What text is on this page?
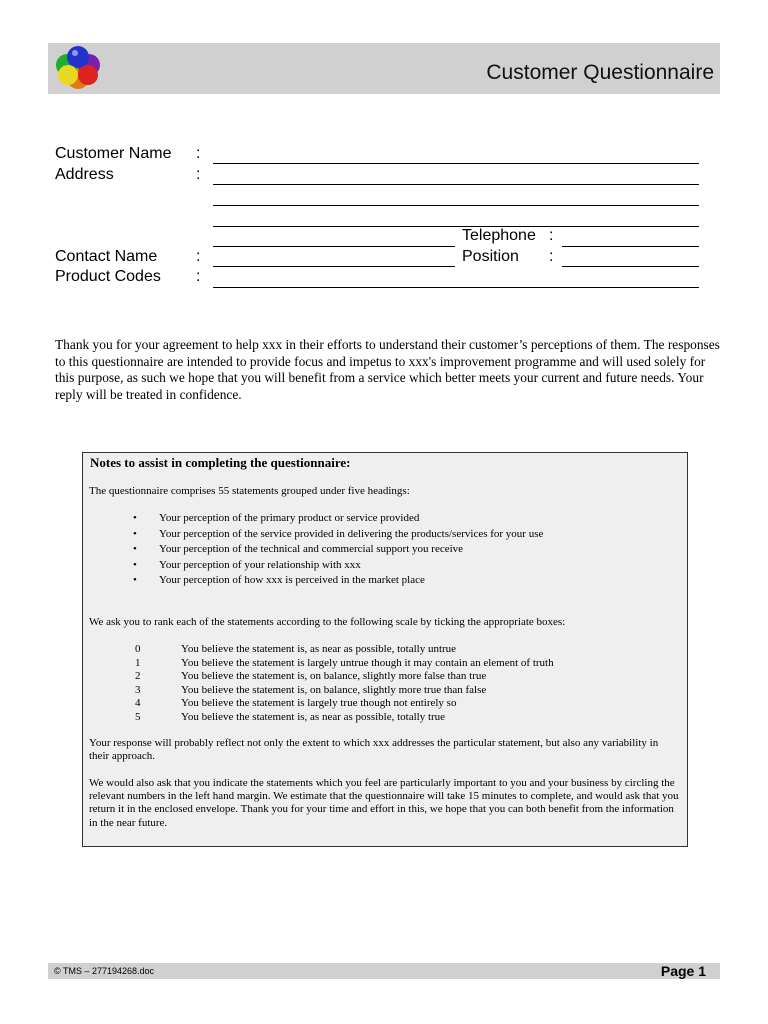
Customer Questionnaire
Customer Name :
Address	:
Telephone :
Contact Name :	Position :
Product Codes :

Thank you for your agreement to help xxx in their efforts to understand their customer’s perceptions of them. The responses to this questionnaire are intended to provide focus and impetus to xxx's improvement programme and will used solely for this purpose, as such we hope that you will benefit from a service which better meets your current and future needs. Your reply will be treated in confidence.

Notes to assist in completing the questionnaire:
The questionnaire comprises 55 statements grouped under five headings:
• Your perception of the primary product or service provided
• Your perception of the service provided in delivering the products/services for your use
• Your perception of the technical and commercial support you receive
• Your perception of your relationship with xxx
• Your perception of how xxx is perceived in the market place
We ask you to rank each of the statements according to the following scale by ticking the appropriate boxes:
0	You believe the statement is, as near as possible, totally untrue
1	You believe the statement is largely untrue though it may contain an element of truth
2	You believe the statement is, on balance, slightly more false than true
3	You believe the statement is, on balance, slightly more true than false
4	You believe the statement is largely true though not entirely so
5	You believe the statement is, as near as possible, totally true
Your response will probably reflect not only the extent to which xxx addresses the particular statement, but also any variability in their approach.
We would also ask that you indicate the statements which you feel are particularly important to you and your business by circling the relevant numbers in the left hand margin. We estimate that the questionnaire will take 15 minutes to complete, and would ask that you return it in the enclosed envelope. Thank you for your time and effort in this, we hope that you can both benefit from the information in the near future.
© TMS – 277194268.doc	Page 1
